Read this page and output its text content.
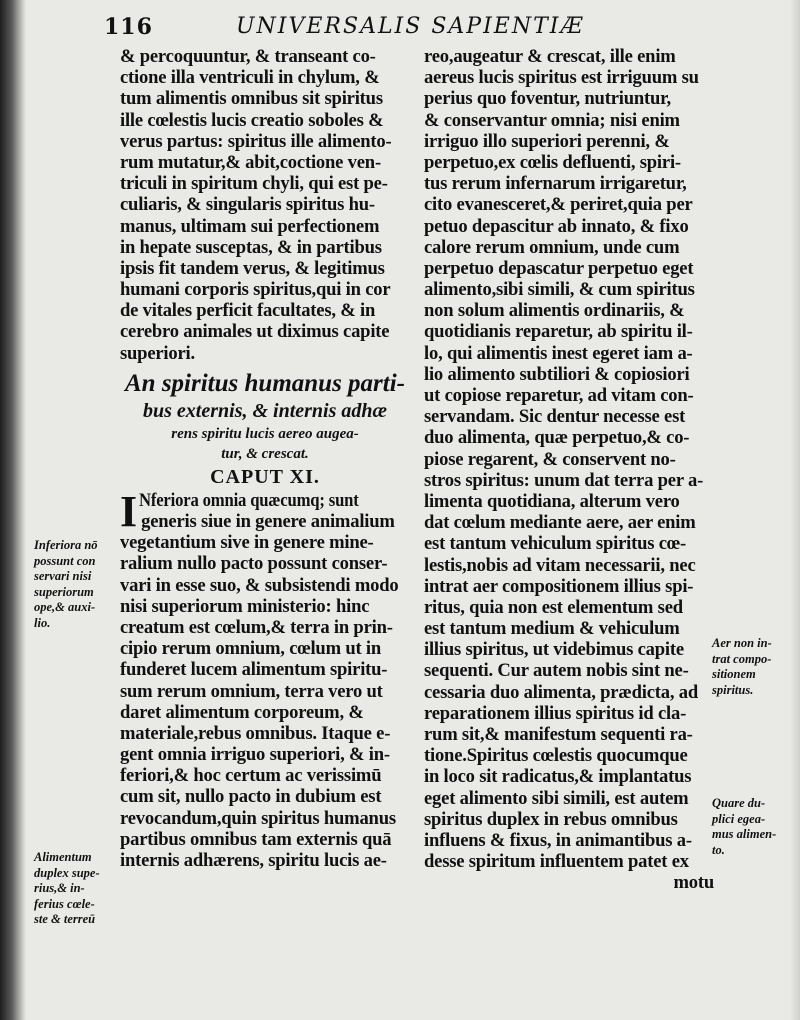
116	UNIVERSALIS SAPIENTIÆ
& percoquuntur, & transeant co-
ctione illa ventriculi in chylum, &
tum alimentis omnibus sit spiritus
ille cœlestis lucis creatio soboles &
verus partus: spiritus ille alimento-
rum mutatur,& abit,coctione ven-
triculi in spiritum chyli, qui est pe-
culiaris, & singularis spiritus hu-
manus, ultimam sui perfectionem
in hepate susceptas, & in partibus
ipsis fit tandem verus, & legitimus
humani corporis spiritus,qui in cor
de vitales perficit facultates, & in
cerebro animales ut diximus capite
superiori.
An spiritus humanus parti-
bus externis, & internis adhæ
rens spiritu lucis aereo augea-
tur, & crescat.
CAPUT XI.
I Nferiora omnia quæcumq; sunt
generis siue in genere animalium
vegetantium sive in genere mine-
ralium nullo pacto possunt conser-
vari in esse suo, & subsistendi modo
nisi superiorum ministerio: hinc
creatum est cœlum,& terra in prin-
cipio rerum omnium, cœlum ut in
funderet lucem alimentum spiritu-
sum rerum omnium, terra vero ut
daret alimentum corporeum, &
materiale,rebus omnibus. Itaque e-
gent omnia irriguo superiori, & in-
feriori,& hoc certum ac verissimū
cum sit, nullo pacto in dubium est
revocandum,quin spiritus humanus
partibus omnibus tam externis quā
internis adhærens, spiritu lucis ae-
reo,augeatur & crescat, ille enim
aereus lucis spiritus est irriguum su
perius quo foventur, nutriuntur,
& conservantur omnia; nisi enim
irriguo illo superiori perenni, &
perpetuo,ex cœlis defluenti, spiri-
tus rerum infernarum irrigaretur,
cito evanesceret,& periret,quia per
petuo depascitur ab innato, & fixo
calore rerum omnium, unde cum
perpetuo depascatur perpetuo eget
alimento,sibi simili, & cum spiritus
non solum alimentis ordinariis, &
quotidianis reparetur, ab spiritu il-
lo, qui alimentis inest egeret iam a-
lio alimento subtiliori & copiosiori
ut copiose reparetur, ad vitam con-
servandam. Sic dentur necesse est
duo alimenta, quæ perpetuo,& co-
piose regarent, & conservent no-
stros spiritus: unum dat terra per a-
limenta quotidiana, alterum vero
dat cœlum mediante aere, aer enim
est tantum vehiculum spiritus cœ-
lestis,nobis ad vitam necessarii, nec
intrat aer compositionem illius spi-
ritus, quia non est elementum sed
est tantum medium & vehiculum
illius spiritus, ut videbimus capite
sequenti. Cur autem nobis sint ne-
cessaria duo alimenta, prædicta, ad
reparationem illius spiritus id cla-
rum sit,& manifestum sequenti ra-
tione.Spiritus cœlestis quocumque
in loco sit radicatus,& implantatus
eget alimento sibi simili, est autem
spiritus duplex in rebus omnibus
influens & fixus, in animantibus a-
desse spiritum influentem patet ex
motu
Inferiora nō
possunt con
servari nisi
superiorum
ope,& auxi-
lio.
Alimentum
duplex supe-
rius,& in-
ferius cœle-
ste & terreū
Aer non in-
trat compo-
sitionem
spiritus.
Quare du-
plici egea-
mus alimen-
to.
